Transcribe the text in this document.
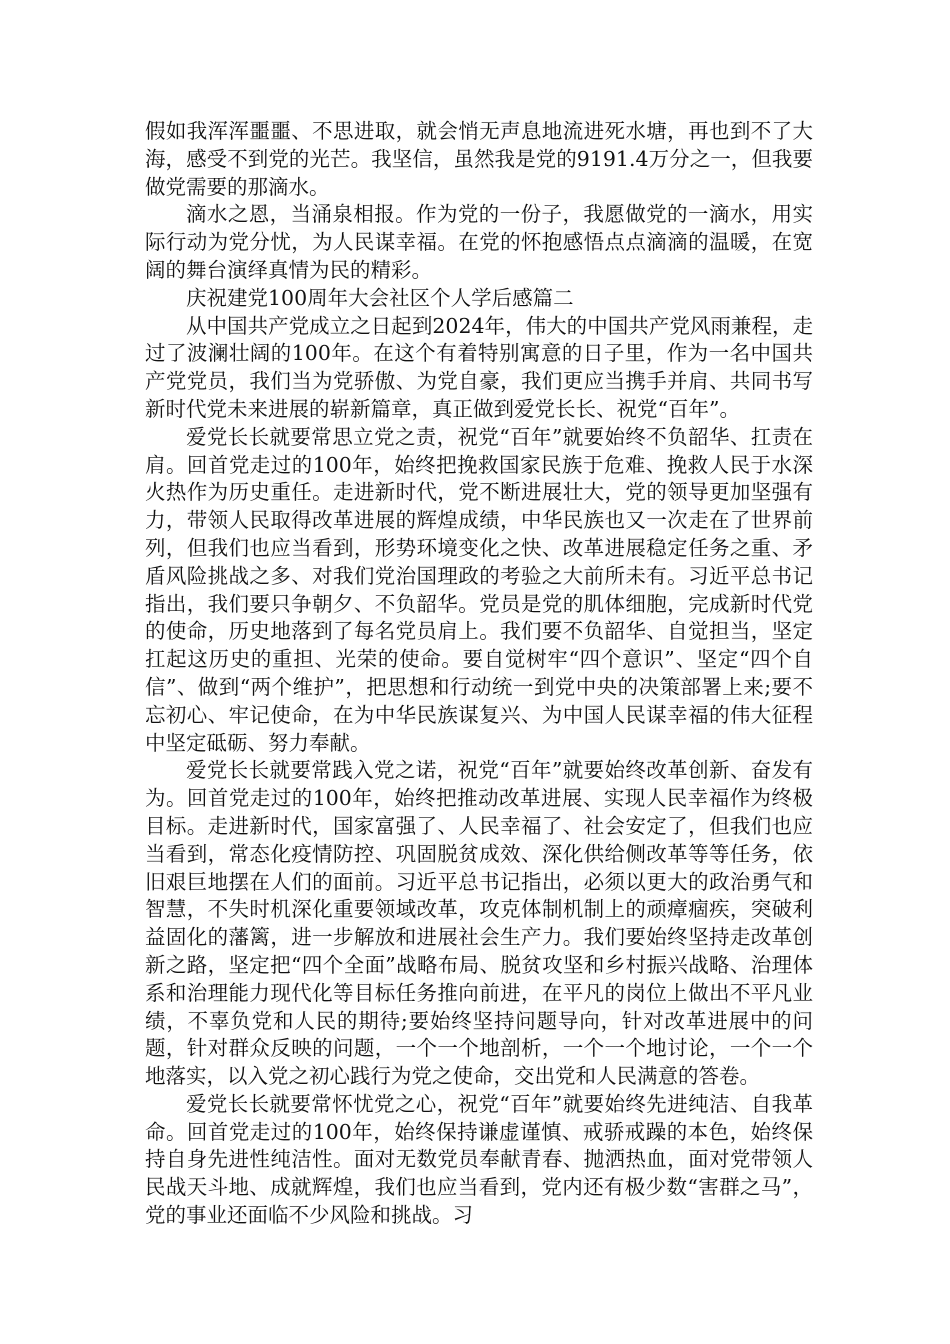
假如我浑浑噩噩、不思进取，就会悄无声息地流进死水塘，再也到不了大海，感受不到党的光芒。我坚信，虽然我是党的9191.4万分之一，但我要做党需要的那滴水。

滴水之恩，当涌泉相报。作为党的一份子，我愿做党的一滴水，用实际行动为党分忧，为人民谋幸福。在党的怀抱感悟点点滴滴的温暖，在宽阔的舞台演绎真情为民的精彩。

庆祝建党100周年大会社区个人学后感篇二

从中国共产党成立之日起到2024年，伟大的中国共产党风雨兼程，走过了波澜壮阔的100年。在这个有着特别寓意的日子里，作为一名中国共产党党员，我们当为党骄傲、为党自豪，我们更应当携手并肩、共同书写新时代党未来进展的崭新篇章，真正做到爱党长长、祝党“百年”。

爱党长长就要常思立党之责，祝党“百年”就要始终不负韶华、扛责在肩。回首党走过的100年，始终把挽救国家民族于危难、挽救人民于水深火热作为历史重任。走进新时代，党不断进展壮大，党的领导更加坚强有力，带领人民取得改革进展的辉煌成绩，中华民族也又一次走在了世界前列，但我们也应当看到，形势环境变化之快、改革进展稳定任务之重、矛盾风险挑战之多、对我们党治国理政的考验之大前所未有。习近平总书记指出，我们要只争朝夕、不负韶华。党员是党的肌体细胞，完成新时代党的使命，历史地落到了每名党员肩上。我们要不负韶华、自觉担当，坚定扛起这历史的重担、光荣的使命。要自觉树牢“四个意识”、坚定“四个自信”、做到“两个维护”，把思想和行动统一到党中央的决策部署上来;要不忘初心、牢记使命，在为中华民族谋复兴、为中国人民谋幸福的伟大征程中坚定砥砺、努力奉献。

爱党长长就要常践入党之诺，祝党“百年”就要始终改革创新、奋发有为。回首党走过的100年，始终把推动改革进展、实现人民幸福作为终极目标。走进新时代，国家富强了、人民幸福了、社会安定了，但我们也应当看到，常态化疫情防控、巩固脱贫成效、深化供给侧改革等等任务，依旧艰巨地摆在人们的面前。习近平总书记指出，必须以更大的政治勇气和智慧，不失时机深化重要领域改革，攻克体制机制上的顽瘴痼疾，突破利益固化的藩篱，进一步解放和进展社会生产力。我们要始终坚持走改革创新之路，坚定把“四个全面”战略布局、脱贫攻坚和乡村振兴战略、治理体系和治理能力现代化等目标任务推向前进，在平凡的岗位上做出不平凡业绩，不辜负党和人民的期待;要始终坚持问题导向，针对改革进展中的问题，针对群众反映的问题，一个一个地剖析，一个一个地讨论，一个一个地落实，以入党之初心践行为党之使命，交出党和人民满意的答卷。

爱党长长就要常怀忧党之心，祝党“百年”就要始终先进纯洁、自我革命。回首党走过的100年，始终保持谦虚谨慎、戒骄戒躁的本色，始终保持自身先进性纯洁性。面对无数党员奉献青春、抛洒热血，面对党带领人民战天斗地、成就辉煌，我们也应当看到，党内还有极少数“害群之马”，党的事业还面临不少风险和挑战。习
